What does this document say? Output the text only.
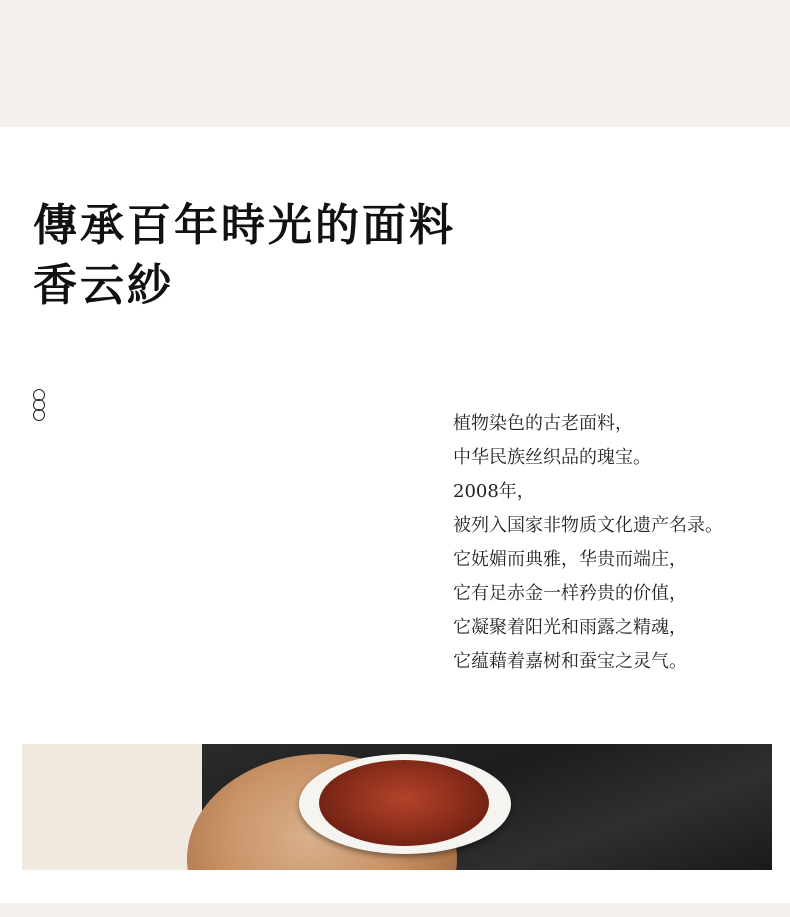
傳承百年時光的面料
香云紗
植物染色的古老面料，
中华民族丝织品的瑰宝。
2008年，
被列入国家非物质文化遗产名录。
它妩媚而典雅，华贵而端庄，
它有足赤金一样矜贵的价值，
它凝聚着阳光和雨露之精魂，
它蕴藉着嘉树和蚕宝之灵气。
